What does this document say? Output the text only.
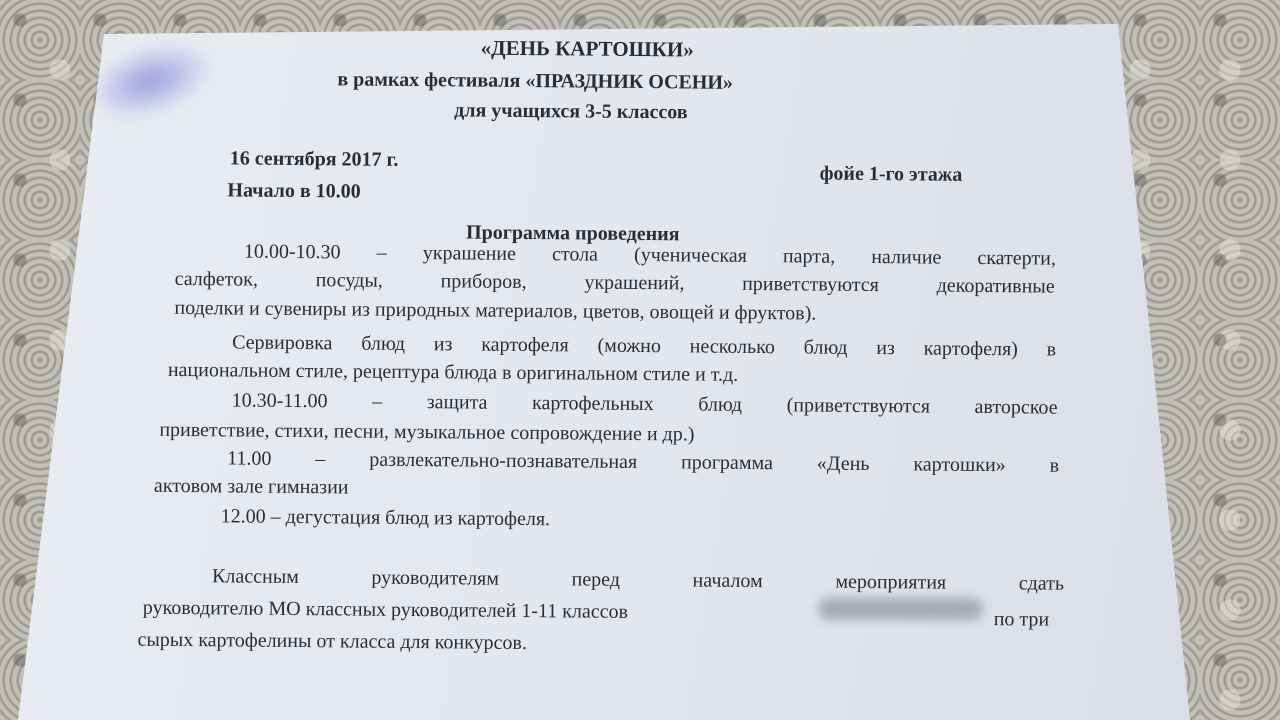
«ДЕНЬ КАРТОШКИ»
в рамках фестиваля «ПРАЗДНИК ОСЕНИ»
для учащихся 3-5 классов
16 сентября 2017 г.
Начало в 10.00
фойе 1-го этажа
Программа проведения
10.00-10.30 – украшение стола (ученическая парта, наличие скатерти,
салфеток, посуды, приборов, украшений, приветствуются декоративные
поделки и сувениры из природных материалов, цветов, овощей и фруктов).
Сервировка блюд из картофеля (можно несколько блюд из картофеля) в
национальном стиле, рецептура блюда в оригинальном стиле и т.д.
10.30-11.00 – защита картофельных блюд (приветствуются авторское
приветствие, стихи, песни, музыкальное сопровождение и др.)
11.00 – развлекательно-познавательная программа «День картошки» в
актовом зале гимназии
12.00 – дегустация блюд из картофеля.
Классным руководителям перед началом мероприятия сдать
руководителю МО классных руководителей 1-11 классов	по три
сырых картофелины от класса для конкурсов.
